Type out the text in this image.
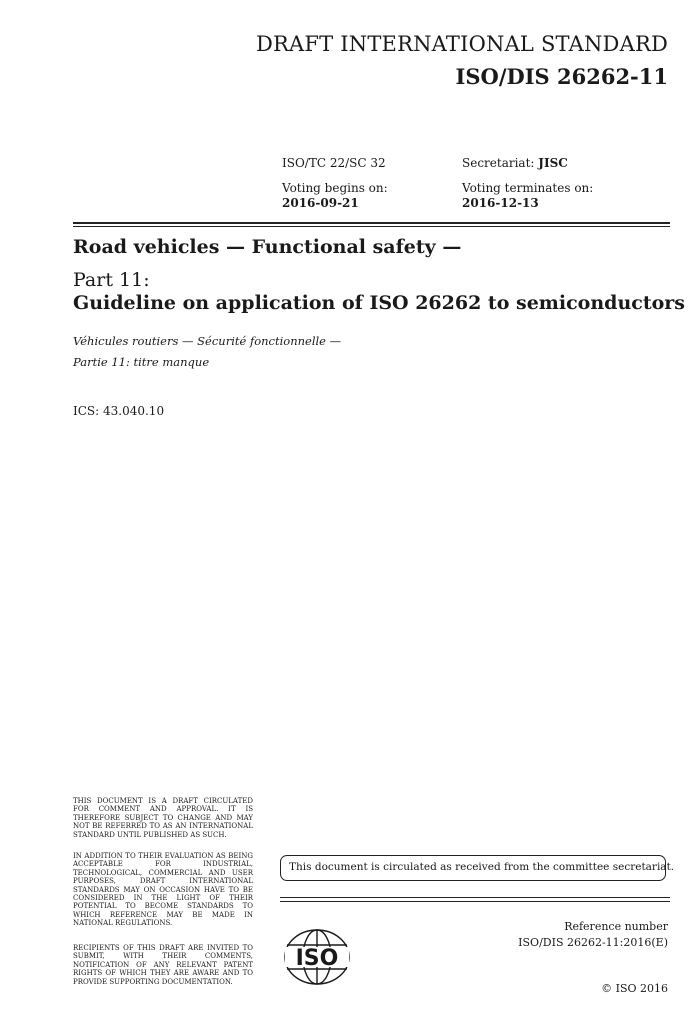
DRAFT INTERNATIONAL STANDARD
ISO/DIS 26262-11
ISO/TC 22/SC 32	Secretariat: JISC
Voting begins on:
2016-09-21
Voting terminates on:
2016-12-13
Road vehicles — Functional safety —
Part 11:
Guideline on application of ISO 26262 to semiconductors
Véhicules routiers — Sécurité fonctionnelle —
Partie 11: titre manque
ICS: 43.040.10
THIS DOCUMENT IS A DRAFT CIRCULATED FOR COMMENT AND APPROVAL. IT IS THEREFORE SUBJECT TO CHANGE AND MAY NOT BE REFERRED TO AS AN INTERNATIONAL STANDARD UNTIL PUBLISHED AS SUCH.
IN ADDITION TO THEIR EVALUATION AS BEING ACCEPTABLE FOR INDUSTRIAL, TECHNOLOGICAL, COMMERCIAL AND USER PURPOSES, DRAFT INTERNATIONAL STANDARDS MAY ON OCCASION HAVE TO BE CONSIDERED IN THE LIGHT OF THEIR POTENTIAL TO BECOME STANDARDS TO WHICH REFERENCE MAY BE MADE IN NATIONAL REGULATIONS.
RECIPIENTS OF THIS DRAFT ARE INVITED TO SUBMIT, WITH THEIR COMMENTS, NOTIFICATION OF ANY RELEVANT PATENT RIGHTS OF WHICH THEY ARE AWARE AND TO PROVIDE SUPPORTING DOCUMENTATION.
This document is circulated as received from the committee secretariat.
ISO
Reference number
ISO/DIS 26262-11:2016(E)
© ISO 2016
